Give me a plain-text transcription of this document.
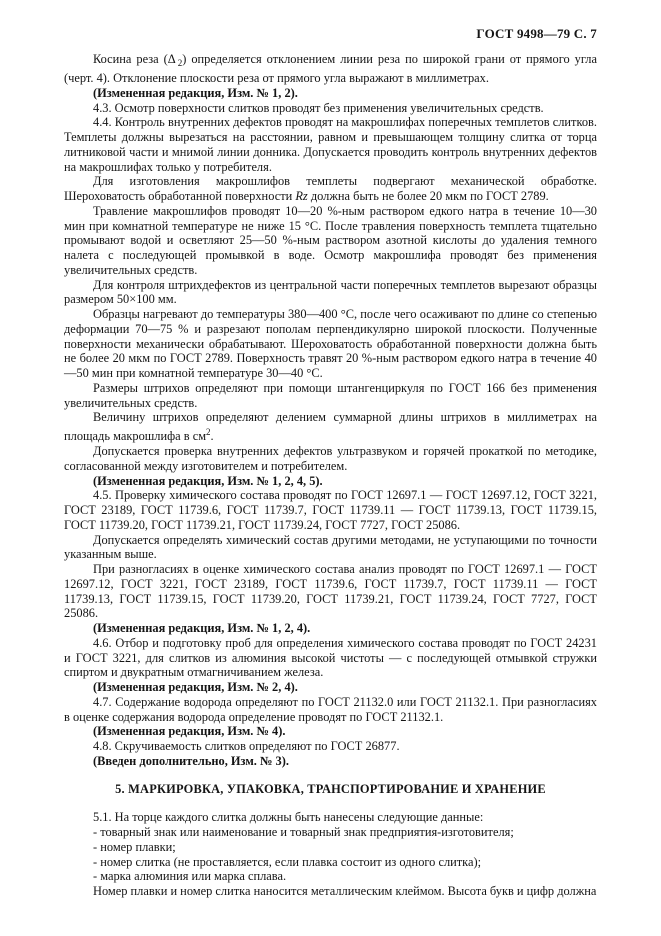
ГОСТ 9498—79 С. 7

Косина реза (Δ $_2$) определяется отклонением линии реза по широкой грани от прямого угла (черт. 4). Отклонение плоскости реза от прямого угла выражают в миллиметрах.

(Измененная редакция, Изм. № 1, 2).

4.3. Осмотр поверхности слитков проводят без применения увеличительных средств.

4.4. Контроль внутренних дефектов проводят на макрошлифах поперечных темплетов слитков. Темплеты должны вырезаться на расстоянии, равном и превышающем толщину слитка от торца литниковой части и мнимой линии донника. Допускается проводить контроль внутренних дефектов на макрошлифах только у потребителя.

Для изготовления макрошлифов темплеты подвергают механической обработке. Шероховатость обработанной поверхности Rz должна быть не более 20 мкм по ГОСТ 2789.

Травление макрошлифов проводят 10—20 %-ным раствором едкого натра в течение 10—30 мин при комнатной температуре не ниже 15 °С. После травления поверхность темплета тщательно промывают водой и осветляют 25—50 %-ным раствором азотной кислоты до удаления темного налета с последующей промывкой в воде. Осмотр макрошлифа проводят без применения увеличительных средств.

Для контроля штрихдефектов из центральной части поперечных темплетов вырезают образцы размером 50×100 мм.

Образцы нагревают до температуры 380—400 °С, после чего осаживают по длине со степенью деформации 70—75 % и разрезают пополам перпендикулярно широкой плоскости. Полученные поверхности механически обрабатывают. Шероховатость обработанной поверхности должна быть не более 20 мкм по ГОСТ 2789. Поверхность травят 20 %-ным раствором едкого натра в течение 40—50 мин при комнатной температуре 30—40 °С.

Размеры штрихов определяют при помощи штангенциркуля по ГОСТ 166 без применения увеличительных средств.

Величину штрихов определяют делением суммарной длины штрихов в миллиметрах на площадь макрошлифа в $см^2$.

Допускается проверка внутренних дефектов ультразвуком и горячей прокаткой по методике, согласованной между изготовителем и потребителем.

(Измененная редакция, Изм. № 1, 2, 4, 5).

4.5. Проверку химического состава проводят по ГОСТ 12697.1 — ГОСТ 12697.12, ГОСТ 3221, ГОСТ 23189, ГОСТ 11739.6, ГОСТ 11739.7, ГОСТ 11739.11 — ГОСТ 11739.13, ГОСТ 11739.15, ГОСТ 11739.20, ГОСТ 11739.21, ГОСТ 11739.24, ГОСТ 7727, ГОСТ 25086.

Допускается определять химический состав другими методами, не уступающими по точности указанным выше.

При разногласиях в оценке химического состава анализ проводят по ГОСТ 12697.1 — ГОСТ 12697.12, ГОСТ 3221, ГОСТ 23189, ГОСТ 11739.6, ГОСТ 11739.7, ГОСТ 11739.11 — ГОСТ 11739.13, ГОСТ 11739.15, ГОСТ 11739.20, ГОСТ 11739.21, ГОСТ 11739.24, ГОСТ 7727, ГОСТ 25086.

(Измененная редакция, Изм. № 1, 2, 4).

4.6. Отбор и подготовку проб для определения химического состава проводят по ГОСТ 24231 и ГОСТ 3221, для слитков из алюминия высокой чистоты — с последующей отмывкой стружки спиртом и двукратным отмагничиванием железа.

(Измененная редакция, Изм. № 2, 4).

4.7. Содержание водорода определяют по ГОСТ 21132.0 или ГОСТ 21132.1. При разногласиях в оценке содержания водорода определение проводят по ГОСТ 21132.1.

(Измененная редакция, Изм. № 4).

4.8. Скручиваемость слитков определяют по ГОСТ 26877.

(Введен дополнительно, Изм. № 3).

5. МАРКИРОВКА, УПАКОВКА, ТРАНСПОРТИРОВАНИЕ И ХРАНЕНИЕ

5.1. На торце каждого слитка должны быть нанесены следующие данные:

- товарный знак или наименование и товарный знак предприятия-изготовителя;

- номер плавки;

- номер слитка (не проставляется, если плавка состоит из одного слитка);

- марка алюминия или марка сплава.

Номер плавки и номер слитка наносится металлическим клеймом. Высота букв и цифр должна
